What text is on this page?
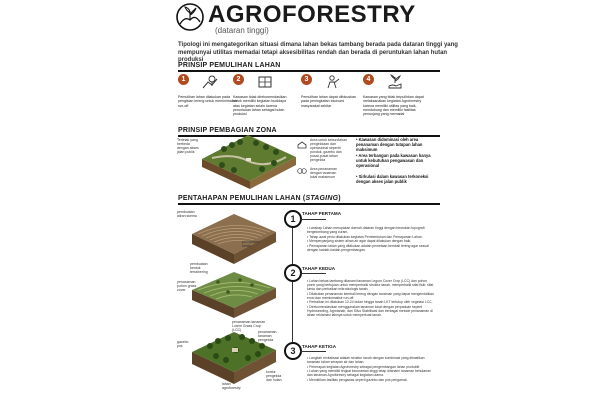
AGROFORESTRY
(dataran tinggi)
Tipologi ini mengategorikan situasi dimana lahan bekas tambang berada pada dataran tinggi yang mempunyai utilitas memadai tetapi aksesibilitas rendah dan berada di peruntukan lahan hutan produksi
PRINSIP PEMULIHAN LAHAN
1
Pemulihan lahan dilakukan pada pengisian lereng untuk meminimalisir run-off
2
Kawasan tidak direkomendasikan untuk memiliki kegiatan budidaya atau kegiatan selain karena peruntukan lahan sebagai hutan produksi
3
Pemulihan lahan dapat difokuskan pada peningkatan ekonomi masyarakat sekitar
4
Kawasan yang tidak terpulihkan dapat melaksanakan kegiatan Agroforestry karena memiliki utilitas yang baik, mendukung dan memiliki fasilitas penunjang yang memadai
PRINSIP PEMBAGIAN ZONA
Terletak yang berbeda dengan akses jalan publik
Area untuk kebun/lahan pengelolaan dan operasional sepertri pondok, gazebo dan pusat-pusat lahan pengelola
Area penanaman dengan tanaman lokal maksimum
• Kawasan didominasi oleh area penanaman dengan tutupan lahan maksimum
• Area terbangun pada kawasan hanya untuk kebutuhan pengawasan dan operasional
• Sirkulasi dalam kawasan terkoneksi dengan akses jalan publik
PENTAHAPAN PEMULIHAN LAHAN (STAGING)
pembuatan aliran skema
pemadatan tanah
pembuatan bentuk terrainering
penanaman pohon grass cover
penanaman tanaman Lorem Grass Crop (LCC)	penanaman tanaman pengelola
gazebo pos
kontur pengelola dan hutan
lahan agroforestry
1
2
3
TAHAP PERTAMA
• Lanskap Lahan merupakan daerah dataran tinggi dengan bentukan topografi bergelombang yang curam.
• Tahap awal perlu dilakukan kegiatan Pembentukan dan Pemapanan Lahan.
• Memperpanjang sistem aliran air agar dapat dilakukan dengan baik.
• Pemapanan lahan yang dilakukan adalah pemetaan kembali lereng agar sesuai dengan kaidah-kaidah pengembangan.
TAHAP KEDUA
• Lahan bekas tambang ditanami tanaman Legum Cover Crop (LCC) dan pohon pionir yang bertujuan untuk memperbaiki struktur tanah, memperbaiki sifat fisik, sifat kimia dan perbaikan mikrobiologis tanah.
• Dilakukan penanaman kembali lereng dengan tanaman yang dapat mengendalikan erosi dan meminimalisir run-off.
• Perbaikan ini dilakukan 12-24 bulan hingga tanah LKT tertutup oleh vegetasi LCC.
• Direkomendasikan menggunakan tanaman lokal dengan perpaduan seperti Hydroseeding, Agrotanah, dan Silvo Stabilisasi dan berbagai metode penanaman di lahan reklamasi lainnya untuk memperkuat tanah.
TAHAP KETIGA
• Langkah revitalisasi adalah struktur tanah dengan kombinasi yang dihasilkan tanaman tahan serapan air dan lahan.
• Penerapan kegiatan Agroforestry sebagai pengembangan lahan produktif.
• Lahan yang memiliki tingkat kecuraman tinggi tetap ditanami tanaman kehutanan dan tanaman Agroforestry sebagai kegiatan utama.
• Mendirikan fasilitas pengawas seperti gazebo dan pos pengamat.
